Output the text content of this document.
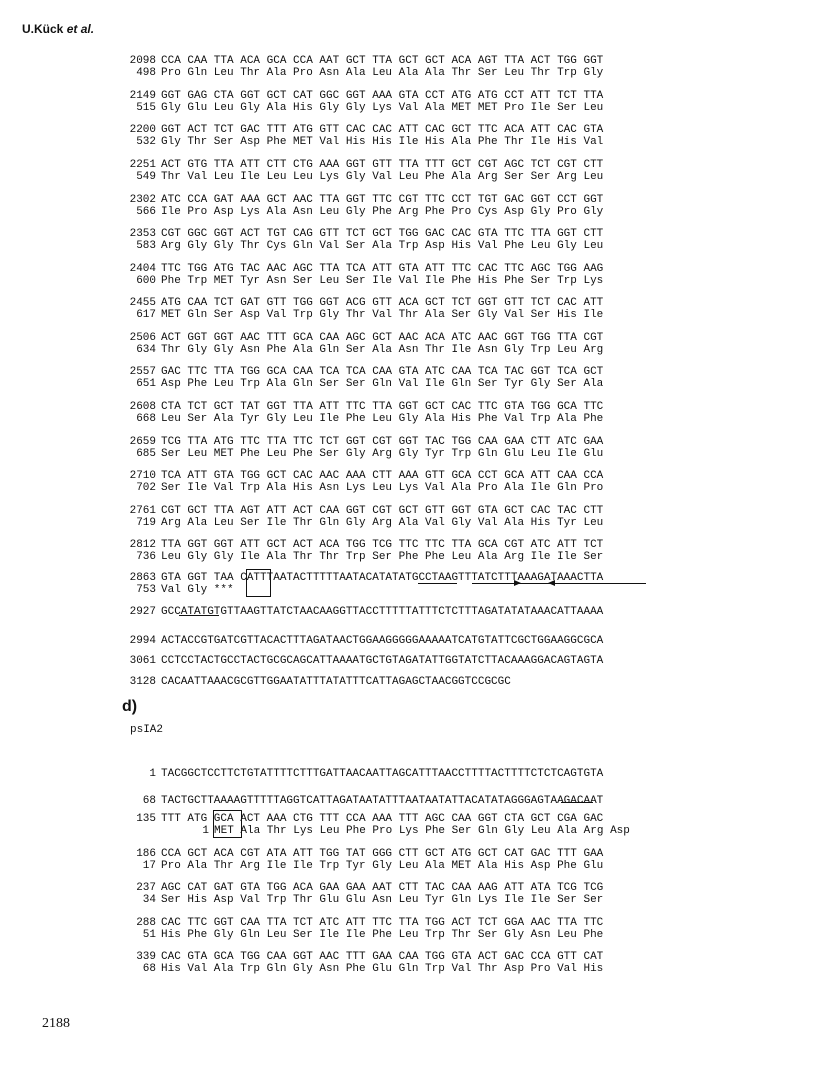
U.Kück et al.
d)
psIA2
2188
2098 CCA CAA TTA ACA GCA CCA AAT GCT TTA GCT GCT ACA AGT TTA ACT TGG GGT
498 Pro Gln Leu Thr Ala Pro Asn Ala Leu Ala Ala Thr Ser Leu Thr Trp Gly
2149 GGT GAG CTA GGT GCT CAT GGC GGT AAA GTA CCT ATG ATG CCT ATT TCT TTA
515 Gly Glu Leu Gly Ala His Gly Gly Lys Val Ala MET MET Pro Ile Ser Leu
2200 GGT ACT TCT GAC TTT ATG GTT CAC CAC ATT CAC GCT TTC ACA ATT CAC GTA
532 Gly Thr Ser Asp Phe MET Val His His Ile His Ala Phe Thr Ile His Val
2251 ACT GTG TTA ATT CTT CTG AAA GGT GTT TTA TTT GCT CGT AGC TCT CGT CTT
549 Thr Val Leu Ile Leu Leu Lys Gly Val Leu Phe Ala Arg Ser Ser Arg Leu
2302 ATC CCA GAT AAA GCT AAC TTA GGT TTC CGT TTC CCT TGT GAC GGT CCT GGT
566 Ile Pro Asp Lys Ala Asn Leu Gly Phe Arg Phe Pro Cys Asp Gly Pro Gly
2353 CGT GGC GGT ACT TGT CAG GTT TCT GCT TGG GAC CAC GTA TTC TTA GGT CTT
583 Arg Gly Gly Thr Cys Gln Val Ser Ala Trp Asp His Val Phe Leu Gly Leu
2404 TTC TGG ATG TAC AAC AGC TTA TCA ATT GTA ATT TTC CAC TTC AGC TGG AAG
600 Phe Trp MET Tyr Asn Ser Leu Ser Ile Val Ile Phe His Phe Ser Trp Lys
2455 ATG CAA TCT GAT GTT TGG GGT ACG GTT ACA GCT TCT GGT GTT TCT CAC ATT
617 MET Gln Ser Asp Val Trp Gly Thr Val Thr Ala Ser Gly Val Ser His Ile
2506 ACT GGT GGT AAC TTT GCA CAA AGC GCT AAC ACA ATC AAC GGT TGG TTA CGT
634 Thr Gly Gly Asn Phe Ala Gln Ser Ala Asn Thr Ile Asn Gly Trp Leu Arg
2557 GAC TTC TTA TGG GCA CAA TCA TCA CAA GTA ATC CAA TCA TAC GGT TCA GCT
651 Asp Phe Leu Trp Ala Gln Ser Ser Gln Val Ile Gln Ser Tyr Gly Ser Ala
2608 CTA TCT GCT TAT GGT TTA ATT TTC TTA GGT GCT CAC TTC GTA TGG GCA TTC
668 Leu Ser Ala Tyr Gly Leu Ile Phe Leu Gly Ala His Phe Val Trp Ala Phe
2659 TCG TTA ATG TTC TTA TTC TCT GGT CGT GGT TAC TGG CAA GAA CTT ATC GAA
685 Ser Leu MET Phe Leu Phe Ser Gly Arg Gly Tyr Trp Gln Glu Leu Ile Glu
2710 TCA ATT GTA TGG GCT CAC AAC AAA CTT AAA GTT GCA CCT GCA ATT CAA CCA
702 Ser Ile Val Trp Ala His Asn Lys Leu Lys Val Ala Pro Ala Ile Gln Pro
2761 CGT GCT TTA AGT ATT ACT CAA GGT CGT GCT GTT GGT GTA GCT CAC TAC CTT
719 Arg Ala Leu Ser Ile Thr Gln Gly Arg Ala Val Gly Val Ala His Tyr Leu
2812 TTA GGT GGT ATT GCT ACT ACA TGG TCG TTC TTC TTA GCA CGT ATC ATT TCT
736 Leu Gly Gly Ile Ala Thr Thr Trp Ser Phe Phe Leu Ala Arg Ile Ile Ser
2863 GTA GGT TAA CATTTAATACTTTTTAATACATATATGCCTAAGTTTATCTTTAAAGATAAACTTA
753 Val Gly ***
2927 GCCATATGTGTTAAGTTATCTAACAAGGTTACCTTTTTATTTCTCTTTAGATATATAAACATTAAAA
2994 ACTACCGTGATCGTTACACTTTAGATAACTGGAAGGGGGAAAAATCATGTATTCGCTGGAAGGCGCA
3061 CCTCCTACTGCCTACTGCGCAGCATTAAAATGCTGTAGATATTGGTATCTTACAAAGGACAGTAGTA
3128 CACAATTAAACGCGTTGGAATATTTATATTTCATTAGAGCTAACGGTCCGCGC
1 TACGGCTCCTTCTGTATTTTCTTTGATTAACAATTAGCATTTAACCTTTTACTTTTCTCTCAGTGTA
68 TACTGCTTAAAAGTTTTTAGGTCATTAGATAATATTTAATAATATTACATATAGGGAGTAAGACAAT
135 TTT ATG GCA ACT AAA CTG TTT CCA AAA TTT AGC CAA GGT CTA GCT CGA GAC
1 MET Ala Thr Lys Leu Phe Pro Lys Phe Ser Gln Gly Leu Ala Arg Asp
186 CCA GCT ACA CGT ATA ATT TGG TAT GGG CTT GCT ATG GCT CAT GAC TTT GAA
17 Pro Ala Thr Arg Ile Ile Trp Tyr Gly Leu Ala MET Ala His Asp Phe Glu
237 AGC CAT GAT GTA TGG ACA GAA GAA AAT CTT TAC CAA AAG ATT ATA TCG TCG
34 Ser His Asp Val Trp Thr Glu Glu Asn Leu Tyr Gln Lys Ile Ile Ser Ser
288 CAC TTC GGT CAA TTA TCT ATC ATT TTC TTA TGG ACT TCT GGA AAC TTA TTC
51 His Phe Gly Gln Leu Ser Ile Ile Phe Leu Trp Thr Ser Gly Asn Leu Phe
339 CAC GTA GCA TGG CAA GGT AAC TTT GAA CAA TGG GTA ACT GAC CCA GTT CAT
68 His Val Ala Trp Gln Gly Asn Phe Glu Gln Trp Val Thr Asp Pro Val His
